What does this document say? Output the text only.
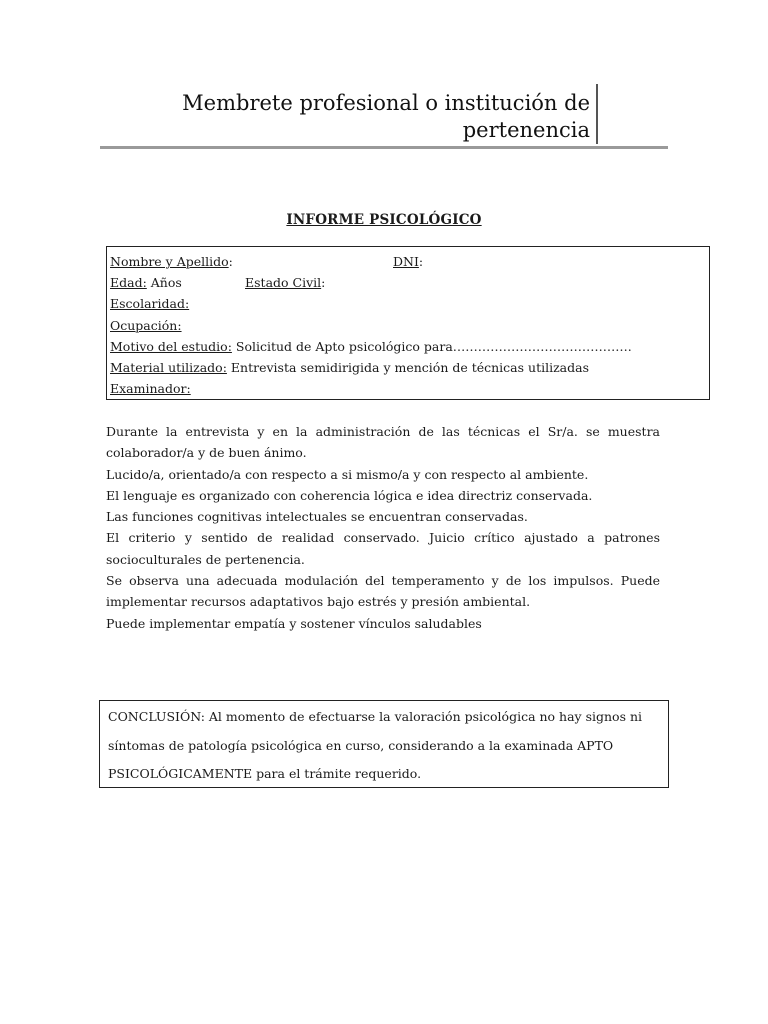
Membrete profesional o institución de
pertenencia
INFORME PSICOLÓGICO
Nombre y Apellido:	DNI:
Edad: Años	Estado Civil:
Escolaridad:
Ocupación:
Motivo del estudio: Solicitud de Apto psicológico para…………………………………….
Material utilizado: Entrevista semidirigida y mención de técnicas utilizadas
Examinador:

Durante la entrevista y en la administración de las técnicas el Sr/a. se muestra colaborador/a y de buen ánimo.

Lucido/a, orientado/a con respecto a si mismo/a y con respecto al ambiente.

El lenguaje es organizado con coherencia lógica e idea directriz conservada.

Las funciones cognitivas intelectuales se encuentran conservadas.

El criterio y sentido de realidad conservado. Juicio crítico ajustado a patrones socioculturales de pertenencia.

Se observa una adecuada modulación del temperamento y de los impulsos. Puede implementar recursos adaptativos bajo estrés y presión ambiental.

Puede implementar empatía y sostener vínculos saludables

CONCLUSIÓN: Al momento de efectuarse la valoración psicológica no hay signos ni

síntomas de patología psicológica en curso, considerando a la examinada APTO

PSICOLÓGICAMENTE para el trámite requerido.
